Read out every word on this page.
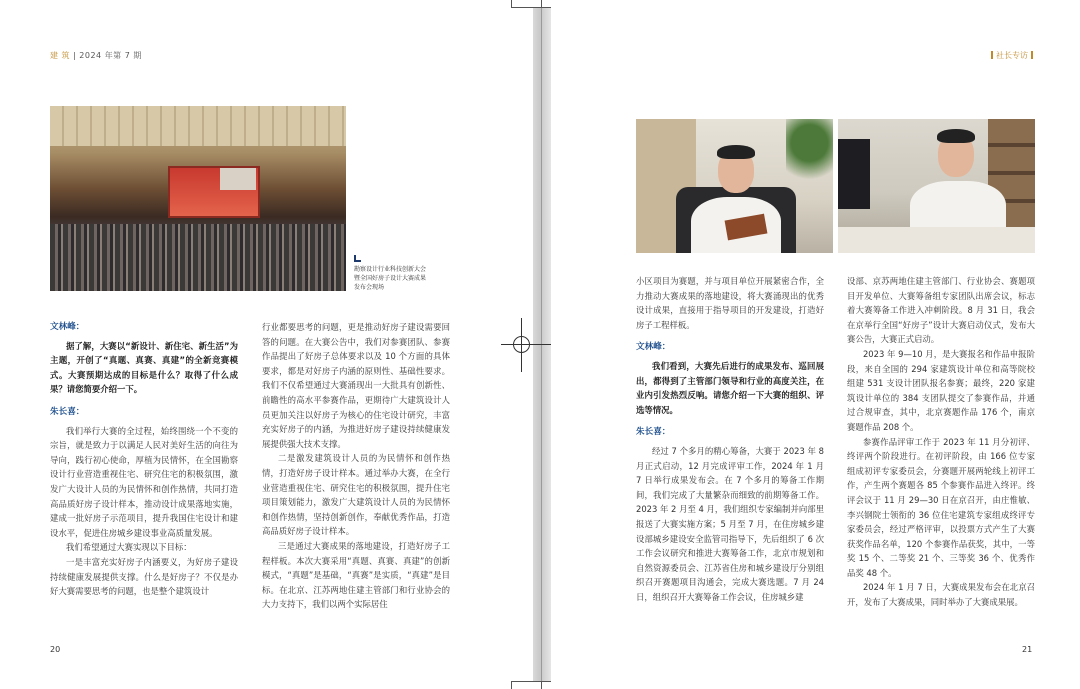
建 筑 | 2024 年第 7 期
勘察设计行业科技创新大会
暨全国好房子设计大赛成果
发布会现场
文林峰：

据了解，大赛以“新设计、新住宅、新生活”为主题，开创了“真题、真赛、真建”的全新竞赛模式。大赛预期达成的目标是什么？取得了什么成果？请您简要介绍一下。

朱长喜：

我们举行大赛的全过程，始终围绕一个不变的宗旨，就是致力于以满足人民对美好生活的向往为导向，践行初心使命，厚植为民情怀，在全国勘察设计行业营造重视住宅、研究住宅的积极氛围，激发广大设计人员的为民情怀和创作热情，共同打造高品质好房子设计样本，推动设计成果落地实施，建成一批好房子示范项目，提升我国住宅设计和建设水平，促进住房城乡建设事业高质量发展。

我们希望通过大赛实现以下目标：

一是丰富充实好房子内涵要义，为好房子建设持续健康发展提供支撑。什么是好房子？不仅是办好大赛需要思考的问题，也是整个建筑设计

行业都要思考的问题，更是推动好房子建设需要回答的问题。在大赛公告中，我们对参赛团队、参赛作品提出了好房子总体要求以及 10 个方面的具体要求，都是对好房子内涵的原则性、基础性要求。我们不仅希望通过大赛涌现出一大批具有创新性、前瞻性的高水平参赛作品，更期待广大建筑设计人员更加关注以好房子为核心的住宅设计研究，丰富充实好房子的内涵，为推进好房子建设持续健康发展提供强大技术支撑。

二是激发建筑设计人员的为民情怀和创作热情，打造好房子设计样本。通过举办大赛，在全行业营造重视住宅、研究住宅的积极氛围，提升住宅项目策划能力，激发广大建筑设计人员的为民情怀和创作热情，坚持创新创作，奉献优秀作品，打造高品质好房子设计样本。

三是通过大赛成果的落地建设，打造好房子工程样板。本次大赛采用“真题、真赛、真建”的创新模式，“真题”是基础，“真赛”是实质，“真建”是目标。在北京、江苏两地住建主管部门和行业协会的大力支持下，我们以两个实际居住

20
社长专访

小区项目为赛题，并与项目单位开展紧密合作，全力推动大赛成果的落地建设，将大赛涌现出的优秀设计成果，直接用于指导项目的开发建设，打造好房子工程样板。

文林峰：

我们看到，大赛先后进行的成果发布、巡回展出，都得到了主管部门领导和行业的高度关注，在业内引发热烈反响。请您介绍一下大赛的组织、评选等情况。

朱长喜：

经过 7 个多月的精心筹备，大赛于 2023 年 8 月正式启动，12 月完成评审工作，2024 年 1 月 7 日举行成果发布会。在 7 个多月的筹备工作期间，我们完成了大量繁杂而细致的前期筹备工作。2023 年 2 月至 4 月，我们组织专家编制并向部里报送了大赛实施方案；5 月至 7 月，在住房城乡建设部城乡建设安全监管司指导下，先后组织了 6 次工作会议研究和推进大赛筹备工作，北京市规划和自然资源委员会、江苏省住房和城乡建设厅分别组织召开赛题项目沟通会，完成大赛选题。7 月 24 日，组织召开大赛筹备工作会议，住房城乡建

设部、京苏两地住建主管部门、行业协会、赛题项目开发单位、大赛筹备组专家团队出席会议，标志着大赛筹备工作进入冲刺阶段。8 月 31 日，我会在京举行全国“好房子”设计大赛启动仪式，发布大赛公告，大赛正式启动。

2023 年 9—10 月，是大赛报名和作品申报阶段，来自全国的 294 家建筑设计单位和高等院校组建 531 支设计团队报名参赛；最终，220 家建筑设计单位的 384 支团队提交了参赛作品，并通过合规审查，其中，北京赛题作品 176 个，南京赛题作品 208 个。

参赛作品评审工作于 2023 年 11 月分初评、终评两个阶段进行。在初评阶段，由 166 位专家组成初评专家委员会，分赛题开展两轮线上初评工作，产生两个赛题各 85 个参赛作品进入终评。终评会议于 11 月 29—30 日在京召开，由庄惟敏、李兴钢院士领衔的 36 位住宅建筑专家组成终评专家委员会，经过严格评审，以投票方式产生了大赛获奖作品名单，120 个参赛作品获奖，其中，一等奖 15 个、二等奖 21 个、三等奖 36 个、优秀作品奖 48 个。

2024 年 1 月 7 日，大赛成果发布会在北京召开，发布了大赛成果，同时举办了大赛成果展。

21
